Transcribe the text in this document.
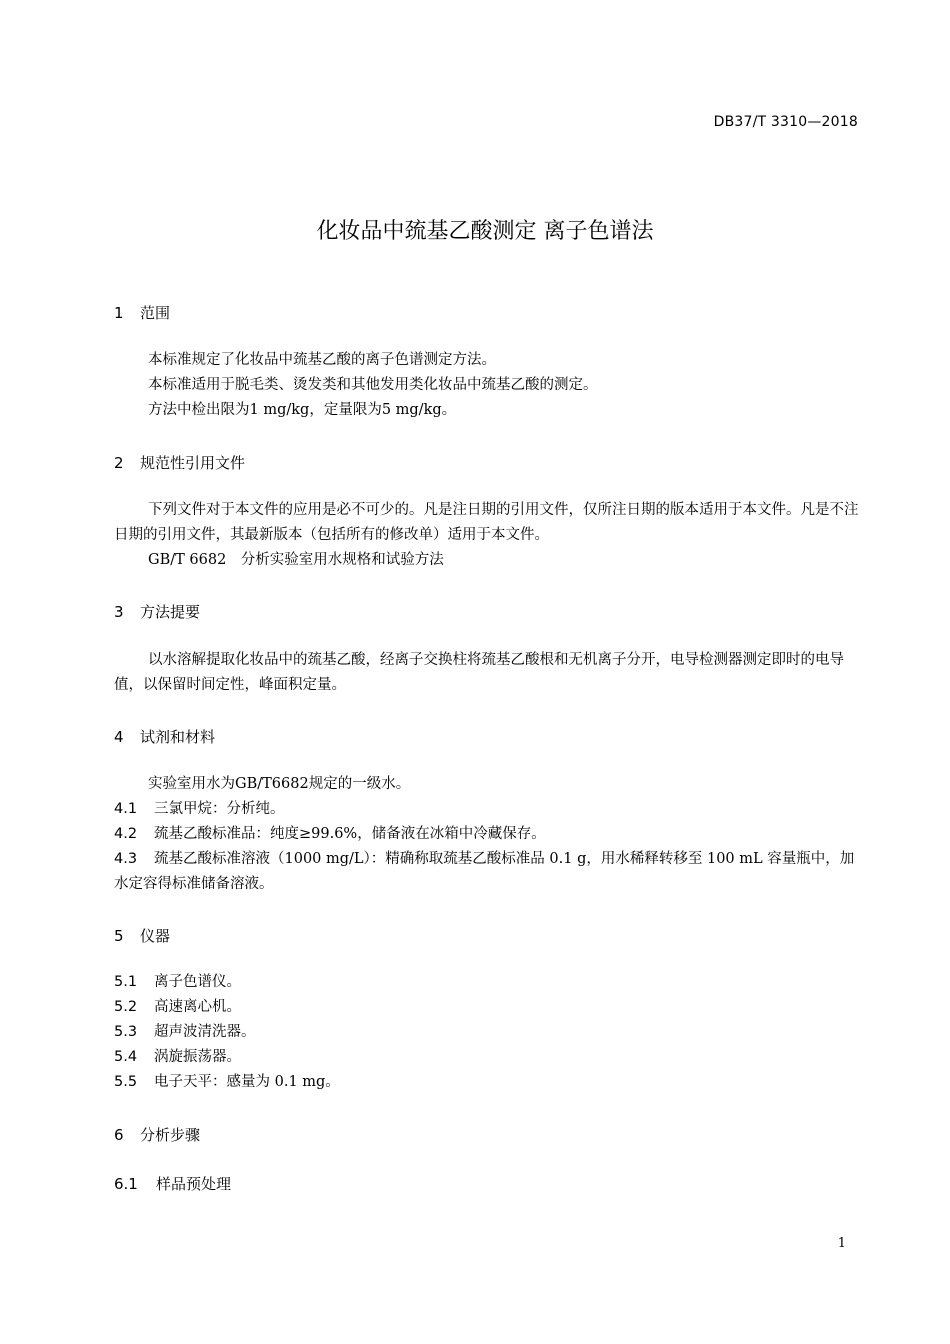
DB37/T 3310—2018
化妆品中巯基乙酸测定 离子色谱法
1 范围
本标准规定了化妆品中巯基乙酸的离子色谱测定方法。
本标准适用于脱毛类、烫发类和其他发用类化妆品中巯基乙酸的测定。
方法中检出限为1 mg/kg，定量限为5 mg/kg。
2 规范性引用文件
下列文件对于本文件的应用是必不可少的。凡是注日期的引用文件，仅所注日期的版本适用于本文件。凡是不注日期的引用文件，其最新版本（包括所有的修改单）适用于本文件。
GB/T 6682　分析实验室用水规格和试验方法
3 方法提要
以水溶解提取化妆品中的巯基乙酸，经离子交换柱将巯基乙酸根和无机离子分开，电导检测器测定即时的电导值，以保留时间定性，峰面积定量。
4 试剂和材料
实验室用水为GB/T6682规定的一级水。
4.1 三氯甲烷：分析纯。
4.2 巯基乙酸标准品：纯度≥99.6%，储备液在冰箱中冷藏保存。
4.3 巯基乙酸标准溶液（1000 mg/L）：精确称取巯基乙酸标准品 0.1 g，用水稀释转移至 100 mL 容量瓶中，加水定容得标准储备溶液。
5 仪器
5.1 离子色谱仪。
5.2 高速离心机。
5.3 超声波清洗器。
5.4 涡旋振荡器。
5.5 电子天平：感量为 0.1 mg。
6 分析步骤
6.1 样品预处理
1
